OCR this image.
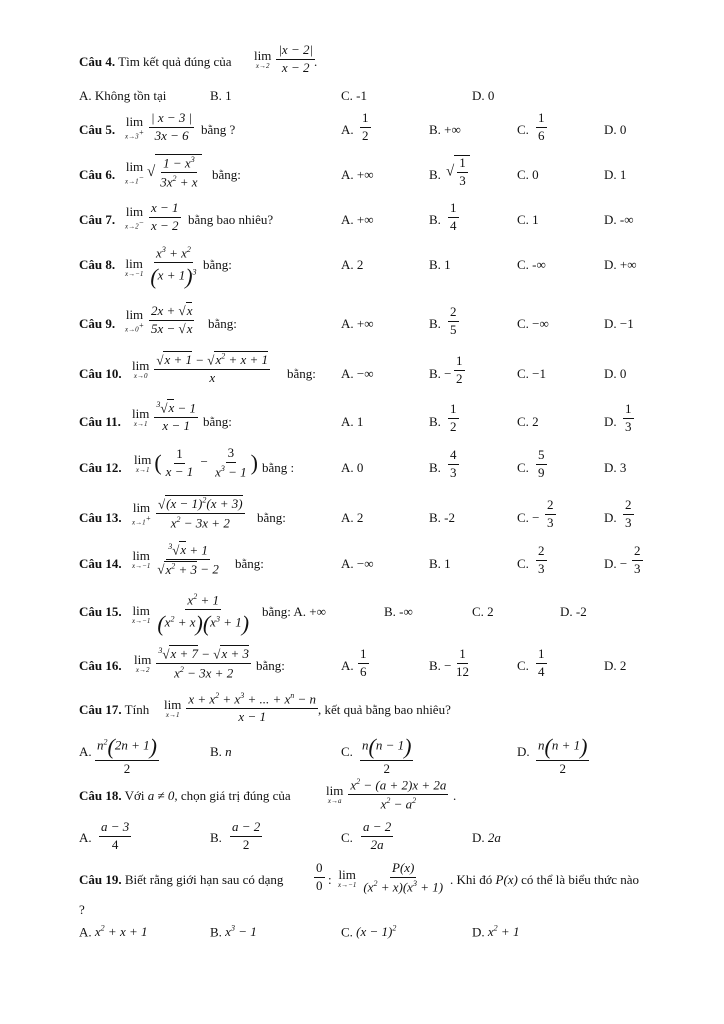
Câu 4. Tìm kết quả đúng của lim
$x\to 2 \frac{|x - 2|}{x - 2}$
.
A. Không tồn tại	B. 1	C. -1	D. 0
Câu 5.
lim
$x\to 3^+ \frac{| x - 3 |}{3x - 6}$ bằng ?	A. $\frac{1}{2}$	B. +∞	C. $\frac{1}{6}$	D. 0
Câu 6.
lim
x→1− √ $\frac{1 - x^3}{3x^2 + x}$ bằng:	A. +∞	B. √ $\frac{1}{3}$	C. 0	D. 1
Câu 7.
lim
$x\to 2^- \frac{x - 1}{x - 2}$ bằng bao nhiêu?	A. +∞	B. $\frac{1}{4}$	C. 1	D. -∞
Câu 8. lim
$x\to-1 \frac{x^3 + x^2}{(x + 1)^3}$ bằng:	A. 2	B. 1	C. -∞	D. +∞
Câu 9.
lim
$x\to 0^+ \frac{2x + √x}{5x - √x}$ bằng:	A. +∞	B. $\frac{2}{5}$	C. −∞	D. −1
Câu 10.
lim
$x\to 0 \frac{√x + 1 - √x^2 + x + 1}{x}$ bằng: A. −∞	B. − $\frac{1}{2}$	C. −1	D. 0
Câu 11.
lim
$x\to 1 \frac{^3√x - 1}{x - 1}$ bằng:	A. 1	B. $\frac{1}{2}$	C. 2	D. $\frac{1}{3}$
Câu 12.
lim
x→1 ( $\frac{1}{x - 1} - \frac{3}{x^3 - 1}$ ) bằng :	A. 0	B. $\frac{4}{3}$	C. $\frac{5}{9}$	D. 3
Câu 13.
lim
$x\to 1^+ \frac{√(x - 1)^2(x + 3)}{x^2 - 3x + 2}$ bằng:	A. 2	B. -2	C. − $\frac{2}{3}$	D. $\frac{2}{3}$
Câu 14.
lim
$x\to-1 \frac{^3√x + 1}{√x^2 + 3 - 2}$ bằng:	A. −∞	B. 1	C. $\frac{2}{3}$	D. − $\frac{2}{3}$
Câu 15. lim
$x\to-1 \frac{x^2 + 1}{(x^2 + x)(x^3 + 1)}$ bằng: A. +∞	B. -∞	C. 2	D. -2
Câu 16. lim
$x\to 2 \frac{^3√x + 7 - √x + 3}{x^2 - 3x + 2}$ bằng:	A. $\frac{1}{6}$	B. − $\frac{1}{12}$	C. $\frac{1}{4}$	D. 2
Câu 17. Tính lim
$x\to 1 \frac{x + x^2 + x^3 + ... + x^n - n}{x - 1}$ , kết quả bằng bao nhiêu?
A. $\frac{n^2(2n + 1)}{2}$	B. n	C. $\frac{n(n - 1)}{2}$	D. $\frac{n(n + 1)}{2}$
Câu 18. Với a ≠ 0, chọn giá trị đúng của	lim
$x\to a \frac{x^2 - (a + 2)x + 2a}{x^2 - a^2}$ .
A. $\frac{a - 3}{4}$	B. $\frac{a - 2}{2}$	C. $\frac{a - 2}{2a}$	D. 2a
Câu 19. Biết rằng giới hạn sau có dạng $\frac{0}{0}$ : lim
$x\to-1 \frac{P(x)}{(x^2 + x)(x^3 + 1)}$ . Khi đó P(x) có thể là biểu thức nào
?
A. $x^2 + x + 1$	B. $x^3 - 1$	C. $(x - 1)^2$	D. $x^2 + 1$
